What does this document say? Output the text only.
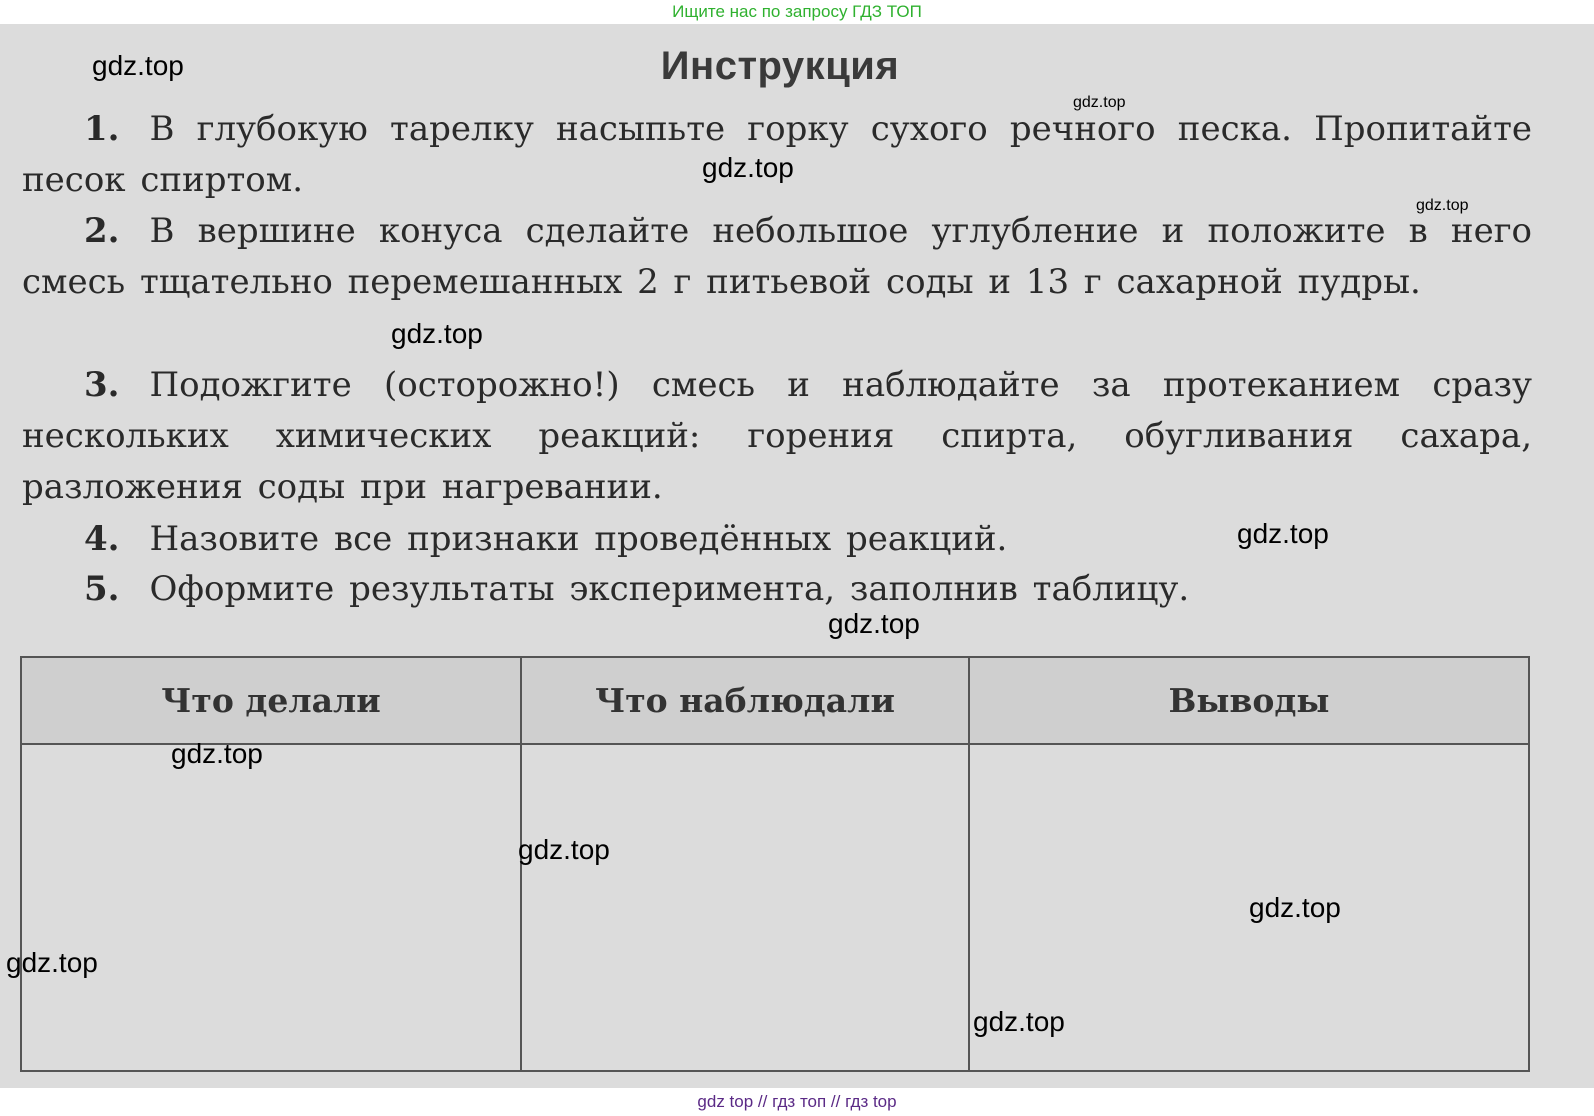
Ищите нас по запросу ГДЗ ТОП
Инструкция
1. В глубокую тарелку насыпьте горку сухого речного песка. Пропитайте песок спиртом.
2. В вершине конуса сделайте небольшое углубление и положите в него смесь тщательно перемешанных 2 г питьевой соды и 13 г сахарной пудры.
3. Подожгите (осторожно!) смесь и наблюдайте за протеканием сразу нескольких химических реакций: горения спирта, обугливания сахара, разложения соды при нагревании.
4. Назовите все признаки проведённых реакций.
5. Оформите результаты эксперимента, заполнив таблицу.
Что делали	Что наблюдали	Выводы

gdz.top
gdz.top
gdz.top
gdz.top
gdz.top
gdz.top
gdz.top
gdz.top
gdz.top
gdz.top
gdz.top
gdz.top
gdz top // гдз топ // гдз top
